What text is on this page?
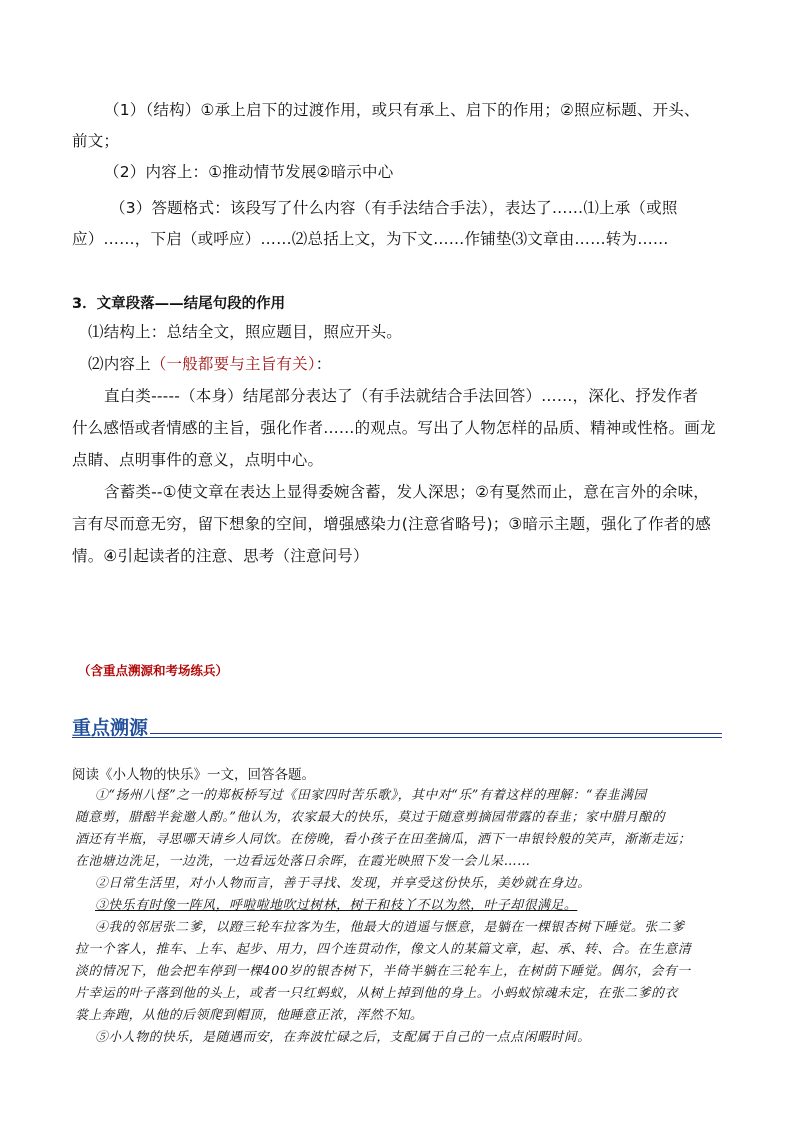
（1）（结构）①承上启下的过渡作用，或只有承上、启下的作用；②照应标题、开头、
前文；
（2）内容上：①推动情节发展②暗示中心
（3）答题格式：该段写了什么内容（有手法结合手法），表达了……⑴上承（或照
应）……，下启（或呼应）……⑵总括上文，为下文……作铺垫⑶文章由……转为……
3．文章段落——结尾句段的作用
⑴结构上：总结全文，照应题目，照应开头。
⑵内容上（一般都要与主旨有关）：
直白类-----（本身）结尾部分表达了（有手法就结合手法回答）……，深化、抒发作者
什么感悟或者情感的主旨，强化作者……的观点。写出了人物怎样的品质、精神或性格。画龙
点睛、点明事件的意义，点明中心。
含蓄类--①使文章在表达上显得委婉含蓄，发人深思；②有戛然而止，意在言外的余味，
言有尽而意无穷，留下想象的空间，增强感染力(注意省略号)；③暗示主题，强化了作者的感
情。④引起读者的注意、思考（注意问号）
（含重点溯源和考场练兵）
重点溯源
阅读《小人物的快乐》一文，回答各题。
①“扬州八怪”之一的郑板桥写过《田家四时苦乐歌》，其中对“乐”有着这样的理解：“春韭满园
随意剪，腊醅半瓮邀人酌。”他认为，农家最大的快乐，莫过于随意剪摘园带露的春韭；家中腊月酿的
酒还有半瓶，寻思哪天请乡人同饮。在傍晚，看小孩子在田垄摘瓜，洒下一串银铃般的笑声，渐渐走远；
在池塘边洗足，一边洗，一边看远处落日余晖，在霞光映照下发一会儿呆……
②日常生活里，对小人物而言，善于寻找、发现，并享受这份快乐，美妙就在身边。
③快乐有时像一阵风，呼啦啦地吹过树林，树干和枝丫不以为然，叶子却很满足。
④我的邻居张二爹，以蹬三轮车拉客为生，他最大的逍遥与惬意，是躺在一棵银杏树下睡觉。张二爹
拉一个客人，推车、上车、起步、用力，四个连贯动作，像文人的某篇文章，起、承、转、合。在生意清
淡的情况下，他会把车停到一棵400岁的银杏树下，半倚半躺在三轮车上，在树荫下睡觉。偶尔，会有一
片幸运的叶子落到他的头上，或者一只红蚂蚁，从树上掉到他的身上。小蚂蚁惊魂未定，在张二爹的衣
裳上奔跑，从他的后领爬到帽顶，他睡意正浓，浑然不知。
⑤小人物的快乐，是随遇而安，在奔波忙碌之后，支配属于自己的一点点闲暇时间。
